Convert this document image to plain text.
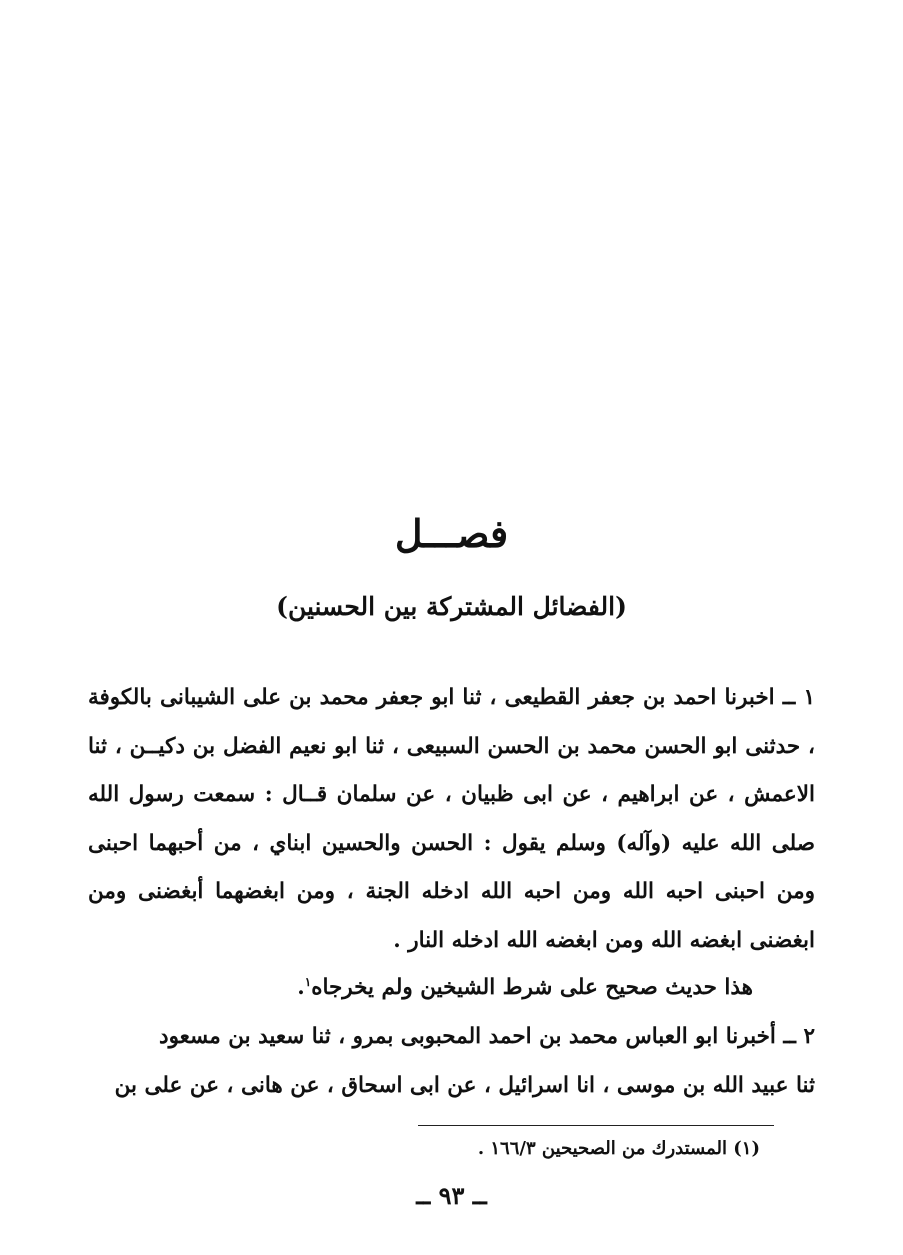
فصـــل
(الفضائل المشتركة بين الحسنين)

١ ــ اخبرنا احمد بن جعفر القطيعى ، ثنا ابو جعفر محمد بن على الشيبانى بالكوفة ، حدثنى ابو الحسن محمد بن الحسن السبيعى ، ثنا ابو نعيم الفضل بن دكيــن ، ثنا الاعمش ، عن ابراهيم ، عن ابى ظبيان ، عن سلمان قــال : سمعت رسول الله صلى الله عليه (وآله) وسلم يقول : الحسن والحسين ابناي ، من أحبهما احبنى ومن احبنى احبه الله ومن احبه الله ادخله الجنة ، ومن ابغضهما أبغضنى ومن ابغضنى ابغضه الله ومن ابغضه الله ادخله النار .

هذا حديث صحيح على شرط الشيخين ولم يخرجاه$^١$.

٢ ــ أخبرنا ابو العباس محمد بن احمد المحبوبى بمرو ، ثنا سعيد بن مسعود

ثنا عبيد الله بن موسى ، انا اسرائيل ، عن ابى اسحاق ، عن هانى ، عن على بن

(١) المستدرك من الصحيحين ١٦٦/٣ .
ــ ٩٣ ــ
